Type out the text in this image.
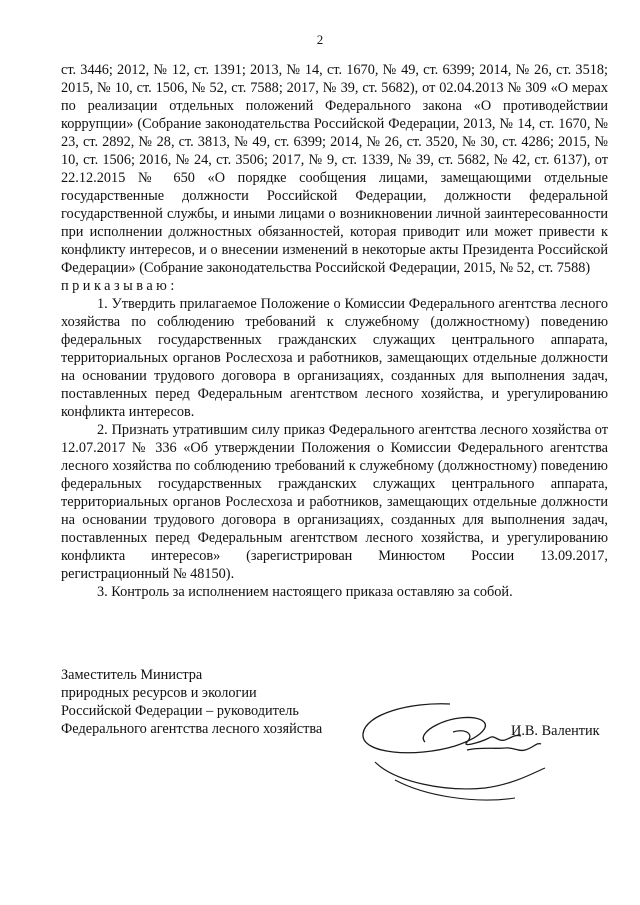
2

ст. 3446; 2012, № 12, ст. 1391; 2013, № 14, ст. 1670, № 49, ст. 6399; 2014, № 26, ст. 3518; 2015, № 10, ст. 1506, № 52, ст. 7588; 2017, № 39, ст. 5682), от 02.04.2013 № 309 «О мерах по реализации отдельных положений Федерального закона «О противодействии коррупции» (Собрание законодательства Российской Федерации, 2013, № 14, ст. 1670, № 23, ст. 2892, № 28, ст. 3813, № 49, ст. 6399; 2014, № 26, ст. 3520, № 30, ст. 4286; 2015, № 10, ст. 1506; 2016, № 24, ст. 3506; 2017, № 9, ст. 1339, № 39, ст. 5682, № 42, ст. 6137), от 22.12.2015 № 650 «О порядке сообщения лицами, замещающими отдельные государственные должности Российской Федерации, должности федеральной государственной службы, и иными лицами о возникновении личной заинтересованности при исполнении должностных обязанностей, которая приводит или может привести к конфликту интересов, и о внесении изменений в некоторые акты Президента Российской Федерации» (Собрание законодательства Российской Федерации, 2015, № 52, ст. 7588)

приказываю:

1. Утвердить прилагаемое Положение о Комиссии Федерального агентства лесного хозяйства по соблюдению требований к служебному (должностному) поведению федеральных государственных гражданских служащих центрального аппарата, территориальных органов Рослесхоза и работников, замещающих отдельные должности на основании трудового договора в организациях, созданных для выполнения задач, поставленных перед Федеральным агентством лесного хозяйства, и урегулированию конфликта интересов.

2. Признать утратившим силу приказ Федерального агентства лесного хозяйства от 12.07.2017 № 336 «Об утверждении Положения о Комиссии Федерального агентства лесного хозяйства по соблюдению требований к служебному (должностному) поведению федеральных государственных гражданских служащих центрального аппарата, территориальных органов Рослесхоза и работников, замещающих отдельные должности на основании трудового договора в организациях, созданных для выполнения задач, поставленных перед Федеральным агентством лесного хозяйства, и урегулированию конфликта интересов» (зарегистрирован Минюстом России 13.09.2017, регистрационный № 48150).

3. Контроль за исполнением настоящего приказа оставляю за собой.

Заместитель Министра
природных ресурсов и экологии
Российской Федерации – руководитель
Федерального агентства лесного хозяйства	И.В. Валентик
